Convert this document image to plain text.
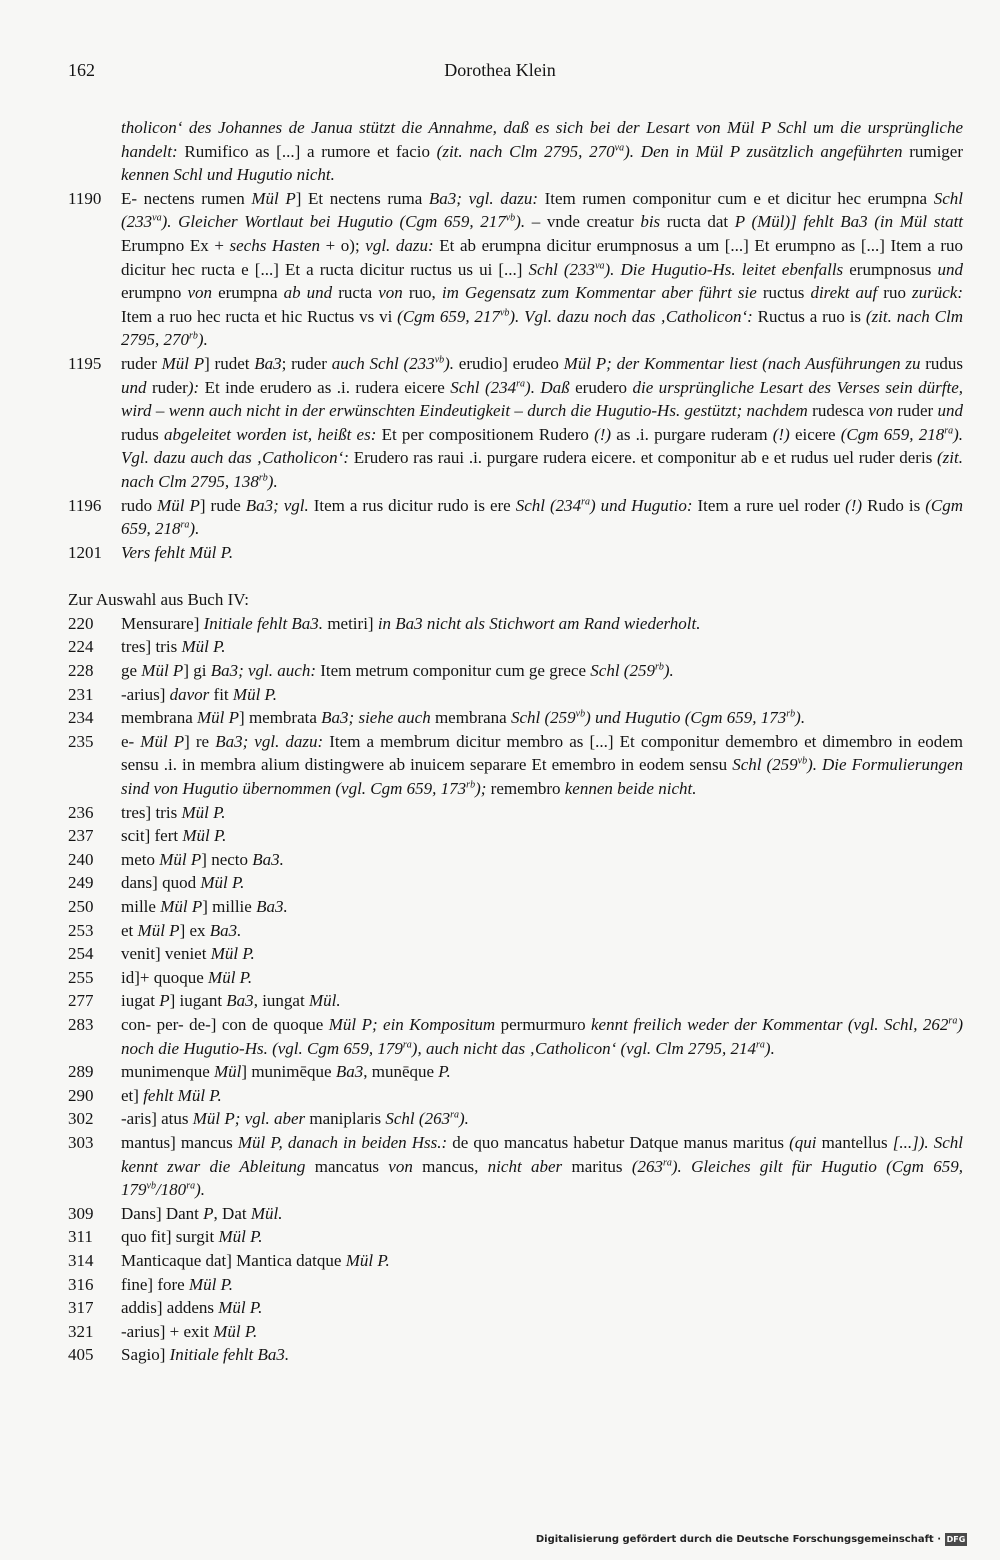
162	Dorothea Klein
tholicon‘ des Johannes de Janua stützt die Annahme, daß es sich bei der Lesart von Mül P Schl um die ursprüngliche handelt: Rumifico as [...] a rumore et facio (zit. nach Clm 2795, $270^{va}$). Den in Mül P zusätzlich angeführten rumiger kennen Schl und Hugutio nicht.
1190	E- nectens rumen Mül P] Et nectens ruma Ba3; vgl. dazu: Item rumen componitur cum e et dicitur hec erumpna Schl $(233^{va})$. Gleicher Wortlaut bei Hugutio (Cgm 659, $217^{vb}$). – vnde creatur bis ructa dat P (Mül)] fehlt Ba3 (in Mül statt Erumpno Ex + sechs Hasten + o); vgl. dazu: Et ab erumpna dicitur erumpnosus a um [...] Et erumpno as [...] Item a ruo dicitur hec ructa e [...] Et a ructa dicitur ructus us ui [...] Schl $(233^{va})$. Die Hugutio-Hs. leitet ebenfalls erumpnosus und erumpno von erumpna ab und ructa von ruo, im Gegensatz zum Kommentar aber führt sie ructus direkt auf ruo zurück: Item a ruo hec ructa et hic Ructus vs vi (Cgm 659, $217^{vb}$). Vgl. dazu noch das ‚Catholicon‘: Ructus a ruo is (zit. nach Clm 2795, $270^{rb}$).
1195	ruder Mül P] rudet Ba3; ruder auch Schl $(233^{vb})$. erudio] erudeo Mül P; der Kommentar liest (nach Ausführungen zu rudus und ruder): Et inde erudero as .i. rudera eicere Schl $(234^{ra})$. Daß erudero die ursprüngliche Lesart des Verses sein dürfte, wird – wenn auch nicht in der erwünschten Eindeutigkeit – durch die Hugutio-Hs. gestützt; nachdem rudesca von ruder und rudus abgeleitet worden ist, heißt es: Et per compositionem Rudero (!) as .i. purgare ruderam (!) eicere (Cgm 659, $218^{ra}$). Vgl. dazu auch das ‚Catholicon‘: Erudero ras raui .i. purgare rudera eicere. et componitur ab e et rudus uel ruder deris (zit. nach Clm 2795, $138^{rb}$).
1196	rudo Mül P] rude Ba3; vgl. Item a rus dicitur rudo is ere Schl $(234^{ra})$ und Hugutio: Item a rure uel roder (!) Rudo is (Cgm 659, $218^{ra}$).
1201	Vers fehlt Mül P.
Zur Auswahl aus Buch IV:
220	Mensurare] Initiale fehlt Ba3. metiri] in Ba3 nicht als Stichwort am Rand wiederholt.
224	tres] tris Mül P.
228	ge Mül P] gi Ba3; vgl. auch: Item metrum componitur cum ge grece Schl $(259^{rb})$.
231	-arius] davor fit Mül P.
234	membrana Mül P] membrata Ba3; siehe auch membrana Schl $(259^{vb})$ und Hugutio (Cgm 659, $173^{rb}$).
235	e- Mül P] re Ba3; vgl. dazu: Item a membrum dicitur membro as [...] Et componitur demembro et dimembro in eodem sensu .i. in membra alium distingwere ab inuicem separare Et emembro in eodem sensu Schl $(259^{vb})$. Die Formulierungen sind von Hugutio übernommen (vgl. Cgm 659, $173^{rb}$); remembro kennen beide nicht.
236	tres] tris Mül P.
237	scit] fert Mül P.
240	meto Mül P] necto Ba3.
249	dans] quod Mül P.
250	mille Mül P] millie Ba3.
253	et Mül P] ex Ba3.
254	venit] veniet Mül P.
255	id]+ quoque Mül P.
277	iugat P] iugant Ba3, iungat Mül.
283	con- per- de-] con de quoque Mül P; ein Kompositum permurmuro kennt freilich weder der Kommentar (vgl. Schl, $262^{ra}$) noch die Hugutio-Hs. (vgl. Cgm 659, $179^{ra}$), auch nicht das ‚Catholicon‘ (vgl. Clm 2795, $214^{ra}$).
289	munimenque Mül] munimēque Ba3, munēque P.
290	et] fehlt Mül P.
302	-aris] atus Mül P; vgl. aber maniplaris Schl $(263^{ra})$.
303	mantus] mancus Mül P, danach in beiden Hss.: de quo mancatus habetur Datque manus maritus (qui mantellus [...]). Schl kennt zwar die Ableitung mancatus von mancus, nicht aber maritus $(263^{ra})$. Gleiches gilt für Hugutio (Cgm 659, $179^{vb}/180^{ra}$).
309	Dans] Dant P, Dat Mül.
311	quo fit] surgit Mül P.
314	Manticaque dat] Mantica datque Mül P.
316	fine] fore Mül P.
317	addis] addens Mül P.
321	-arius] + exit Mül P.
405	Sagio] Initiale fehlt Ba3.
Digitalisierung gefördert durch die Deutsche Forschungsgemeinschaft · DFG
